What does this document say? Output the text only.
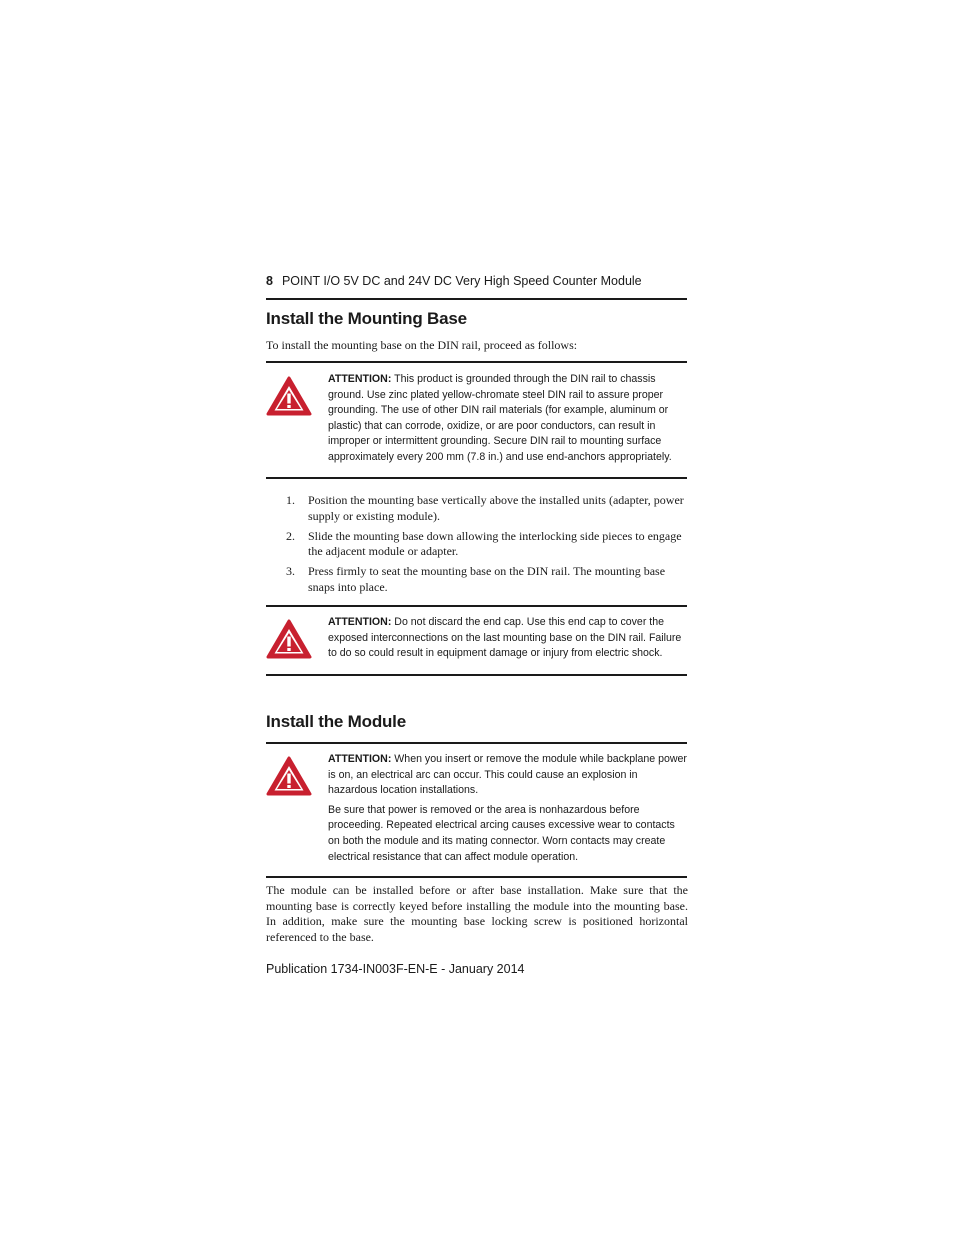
8 POINT I/O 5V DC and 24V DC Very High Speed Counter Module
Install the Mounting Base
To install the mounting base on the DIN rail, proceed as follows:

ATTENTION: This product is grounded through the DIN rail to chassis ground. Use zinc plated yellow-chromate steel DIN rail to assure proper grounding. The use of other DIN rail materials (for example, aluminum or plastic) that can corrode, oxidize, or are poor conductors, can result in improper or intermittent grounding. Secure DIN rail to mounting surface approximately every 200 mm (7.8 in.) and use end-anchors appropriately.

1. Position the mounting base vertically above the installed units (adapter, power supply or existing module).
2. Slide the mounting base down allowing the interlocking side pieces to engage the adjacent module or adapter.
3. Press firmly to seat the mounting base on the DIN rail. The mounting base snaps into place.

ATTENTION: Do not discard the end cap. Use this end cap to cover the exposed interconnections on the last mounting base on the DIN rail. Failure to do so could result in equipment damage or injury from electric shock.

Install the Module

ATTENTION: When you insert or remove the module while backplane power is on, an electrical arc can occur. This could cause an explosion in hazardous location installations.

Be sure that power is removed or the area is nonhazardous before proceeding. Repeated electrical arcing causes excessive wear to contacts on both the module and its mating connector. Worn contacts may create electrical resistance that can affect module operation.

The module can be installed before or after base installation. Make sure that the mounting base is correctly keyed before installing the module into the mounting base. In addition, make sure the mounting base locking screw is positioned horizontal referenced to the base.
Publication 1734-IN003F-EN-E - January 2014
